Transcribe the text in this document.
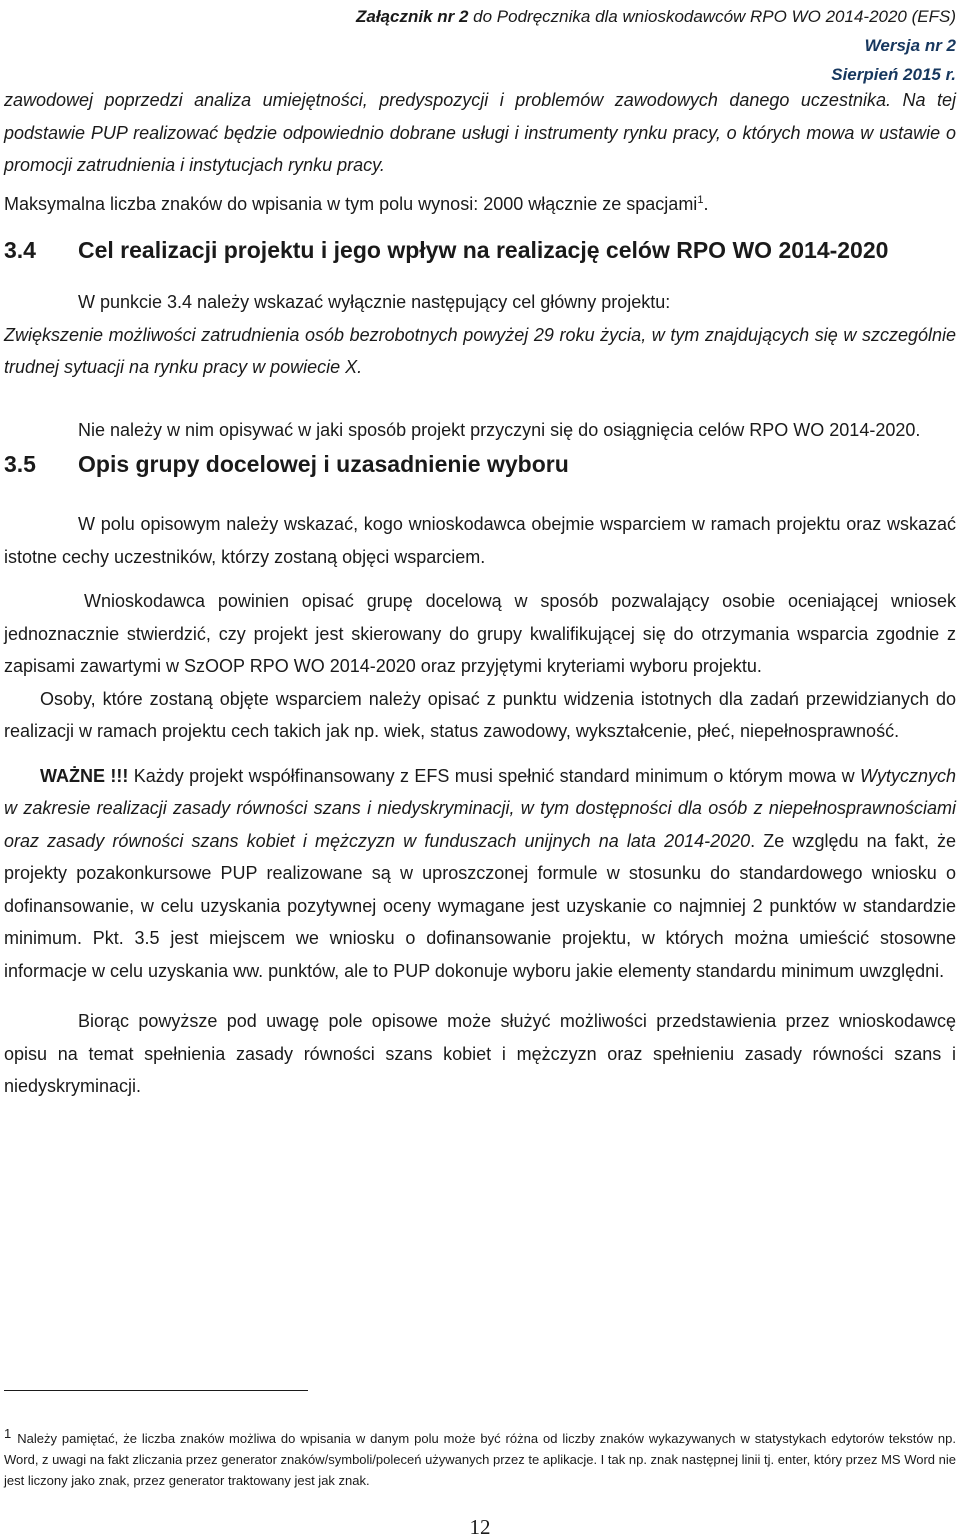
Załącznik nr 2 do Podręcznika dla wnioskodawców RPO WO 2014-2020 (EFS)
Wersja nr 2
Sierpień 2015 r.

zawodowej poprzedzi analiza umiejętności, predyspozycji i problemów zawodowych danego uczestnika. Na tej podstawie PUP realizować będzie odpowiednio dobrane usługi i instrumenty rynku pracy, o których mowa w ustawie o promocji zatrudnienia i instytucjach rynku pracy.

Maksymalna liczba znaków do wpisania w tym polu wynosi: 2000 włącznie ze spacjami$^1$.

3.4 Cel realizacji projektu i jego wpływ na realizację celów RPO WO 2014-2020

W punkcie 3.4 należy wskazać wyłącznie następujący cel główny projektu:

Zwiększenie możliwości zatrudnienia osób bezrobotnych powyżej 29 roku życia, w tym znajdujących się w szczególnie trudnej sytuacji na rynku pracy w powiecie X.

Nie należy w nim opisywać w jaki sposób projekt przyczyni się do osiągnięcia celów RPO WO 2014-2020.

3.5 Opis grupy docelowej i uzasadnienie wyboru

W polu opisowym należy wskazać, kogo wnioskodawca obejmie wsparciem w ramach projektu oraz wskazać istotne cechy uczestników, którzy zostaną objęci wsparciem.

Wnioskodawca powinien opisać grupę docelową w sposób pozwalający osobie oceniającej wniosek jednoznacznie stwierdzić, czy projekt jest skierowany do grupy kwalifikującej się do otrzymania wsparcia zgodnie z zapisami zawartymi w SzOOP RPO WO 2014-2020 oraz przyjętymi kryteriami wyboru projektu.

Osoby, które zostaną objęte wsparciem należy opisać z punktu widzenia istotnych dla zadań przewidzianych do realizacji w ramach projektu cech takich jak np. wiek, status zawodowy, wykształcenie, płeć, niepełnosprawność.

WAŻNE !!! Każdy projekt współfinansowany z EFS musi spełnić standard minimum o którym mowa w Wytycznych w zakresie realizacji zasady równości szans i niedyskryminacji, w tym dostępności dla osób z niepełnosprawnościami oraz zasady równości szans kobiet i mężczyzn w funduszach unijnych na lata 2014-2020. Ze względu na fakt, że projekty pozakonkursowe PUP realizowane są w uproszczonej formule w stosunku do standardowego wniosku o dofinansowanie, w celu uzyskania pozytywnej oceny wymagane jest uzyskanie co najmniej 2 punktów w standardzie minimum. Pkt. 3.5 jest miejscem we wniosku o dofinansowanie projektu, w których można umieścić stosowne informacje w celu uzyskania ww. punktów, ale to PUP dokonuje wyboru jakie elementy standardu minimum uwzględni.

Biorąc powyższe pod uwagę pole opisowe może służyć możliwości przedstawienia przez wnioskodawcę opisu na temat spełnienia zasady równości szans kobiet i mężczyzn oraz spełnieniu zasady równości szans i niedyskryminacji.

1 Należy pamiętać, że liczba znaków możliwa do wpisania w danym polu może być różna od liczby znaków wykazywanych w statystykach edytorów tekstów np. Word, z uwagi na fakt zliczania przez generator znaków/symboli/poleceń używanych przez te aplikacje. I tak np. znak następnej linii tj. enter, który przez MS Word nie jest liczony jako znak, przez generator traktowany jest jak znak.
12
